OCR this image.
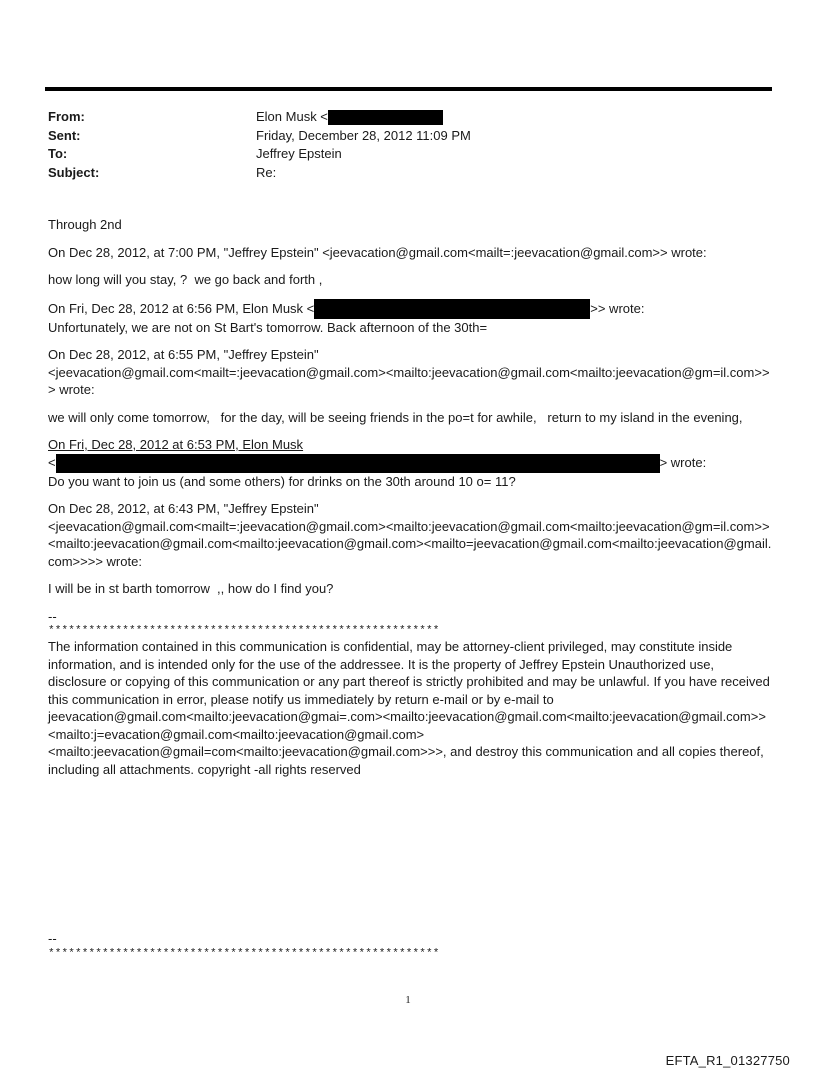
From:	Elon Musk <
Sent:	Friday, December 28, 2012 11:09 PM
To:	Jeffrey Epstein
Subject:	Re:

Through 2nd

On Dec 28, 2012, at 7:00 PM, "Jeffrey Epstein" <jeevacation@gmail.com<mailt=:jeevacation@gmail.com>> wrote:

how long will you stay, ?  we go back and forth ,

On Fri, Dec 28, 2012 at 6:56 PM, Elon Musk <	>> wrote:

Unfortunately, we are not on St Bart's tomorrow. Back afternoon of the 30th=

On Dec 28, 2012, at 6:55 PM, "Jeffrey Epstein"

<jeevacation@gmail.com<mailt=:jeevacation@gmail.com><mailto:jeevacation@gmail.com<mailto:jeevacation@gm=il.com>>> wrote:

we will only come tomorrow,   for the day, will be seeing friends in the po=t for awhile,   return to my island in the evening,

On Fri, Dec 28, 2012 at 6:53 PM, Elon Musk

<	> wrote:

Do you want to join us (and some others) for drinks on the 30th around 10 o= 11?

On Dec 28, 2012, at 6:43 PM, "Jeffrey Epstein"

<jeevacation@gmail.com<mailt=:jeevacation@gmail.com><mailto:jeevacation@gmail.com<mailto:jeevacation@gm=il.com>><mailto:jeevacation@gmail.com<mailto:jeevacation@gmail.com><mailto=jeevacation@gmail.com<mailto:jeevacation@gmail.com>>>> wrote:

I will be in st barth tomorrow  ,, how do I find you?

--

**********************************************************

The information contained in this communication is confidential, may be attorney-client privileged, may constitute inside information, and is intended only for the use of the addressee. It is the property of Jeffrey Epstein Unauthorized use, disclosure or copying of this communication or any part thereof is strictly prohibited and may be unlawful. If you have received this communication in error, please notify us immediately by return e-mail or by e-mail to jeevacation@gmail.com<mailto:jeevacation@gmai=.com><mailto:jeevacation@gmail.com<mailto:jeevacation@gmail.com>><mailto:j=evacation@gmail.com<mailto:jeevacation@gmail.com><mailto:jeevacation@gmail=com<mailto:jeevacation@gmail.com>>>, and destroy this communication and all copies thereof, including all attachments. copyright -all rights reserved

--

**********************************************************

1
EFTA_R1_01327750
